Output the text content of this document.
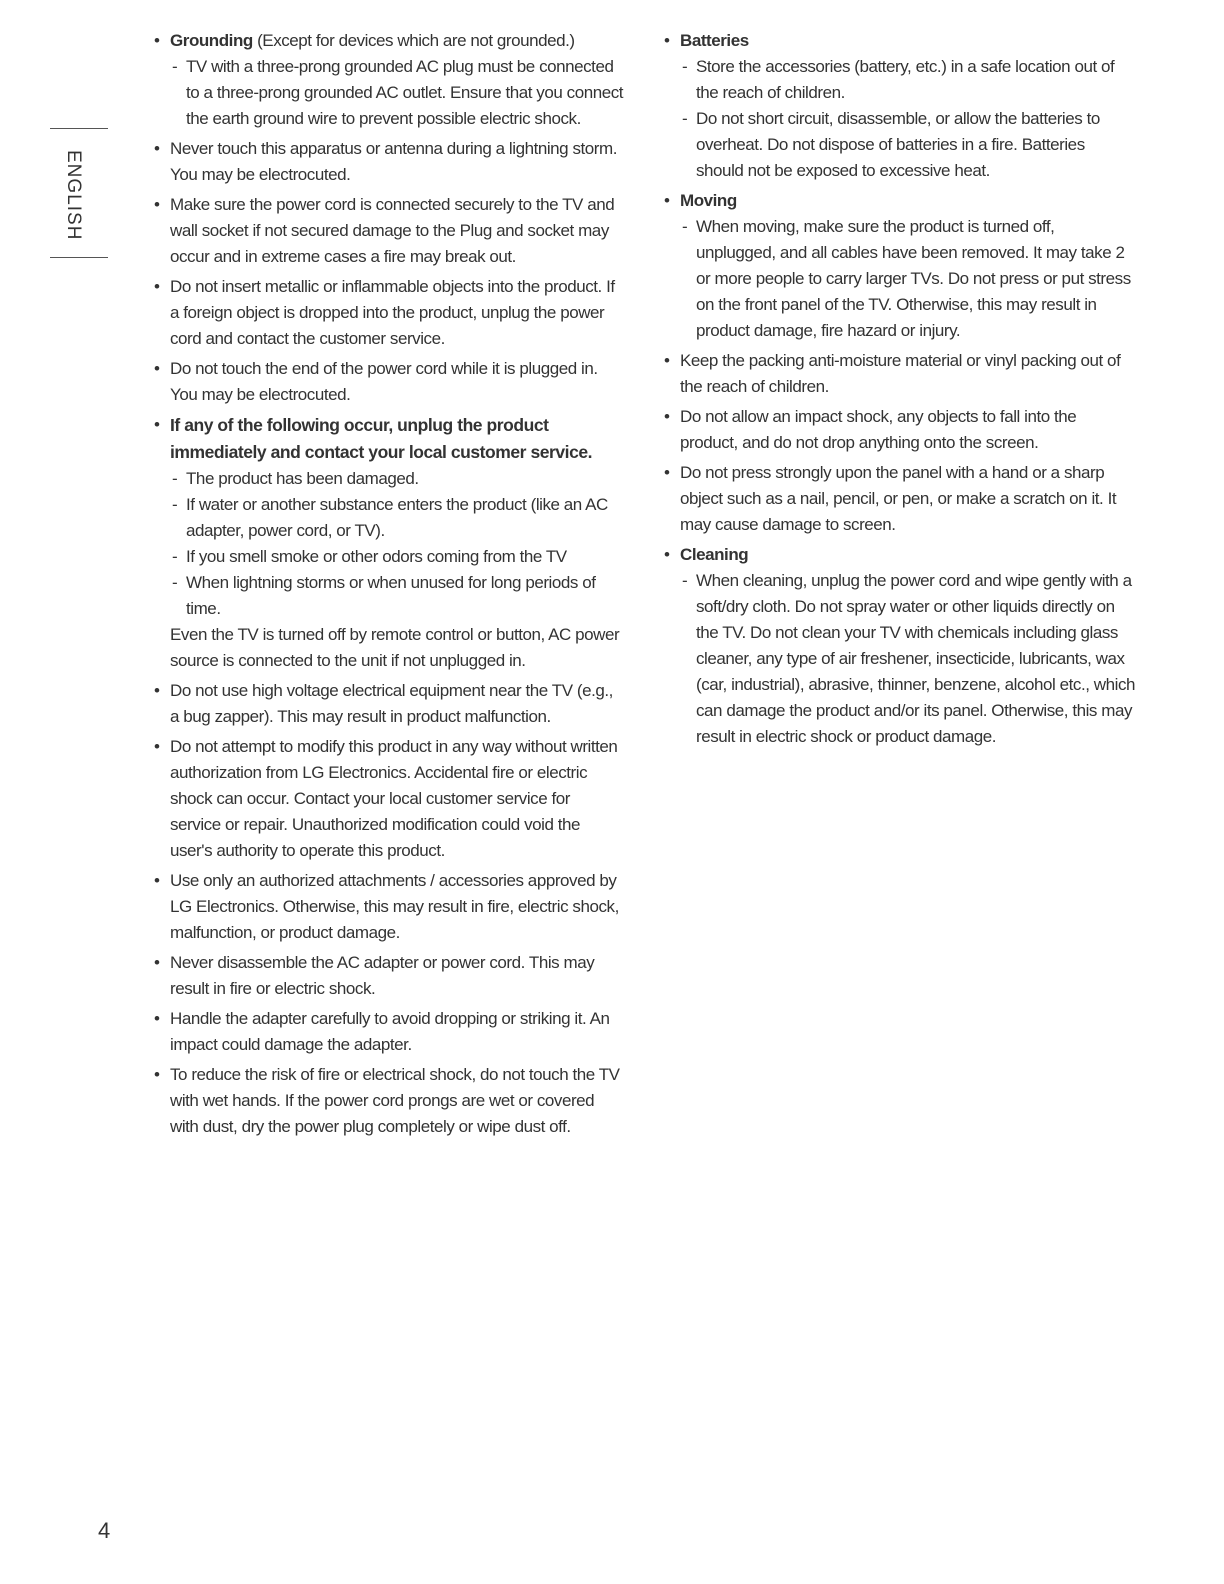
ENGLISH
• Grounding (Except for devices which are not grounded.)
- TV with a three-prong grounded AC plug must be connected to a three-prong grounded AC outlet. Ensure that you connect the earth ground wire to prevent possible electric shock.
• Never touch this apparatus or antenna during a lightning storm. You may be electrocuted.
• Make sure the power cord is connected securely to the TV and wall socket if not secured damage to the Plug and socket may occur and in extreme cases a fire may break out.
• Do not insert metallic or inflammable objects into the product. If a foreign object is dropped into the product, unplug the power cord and contact the customer service.
• Do not touch the end of the power cord while it is plugged in. You may be electrocuted.
• If any of the following occur, unplug the product immediately and contact your local customer service.
- The product has been damaged.
- If water or another substance enters the product (like an AC adapter, power cord, or TV).
- If you smell smoke or other odors coming from the TV
- When lightning storms or when unused for long periods of time.
Even the TV is turned off by remote control or button, AC power source is connected to the unit if not unplugged in.
• Do not use high voltage electrical equipment near the TV (e.g., a bug zapper). This may result in product malfunction.
• Do not attempt to modify this product in any way without written authorization from LG Electronics. Accidental fire or electric shock can occur. Contact your local customer service for service or repair. Unauthorized modification could void the user's authority to operate this product.
• Use only an authorized attachments / accessories approved by LG Electronics. Otherwise, this may result in fire, electric shock, malfunction, or product damage.
• Never disassemble the AC adapter or power cord. This may result in fire or electric shock.
• Handle the adapter carefully to avoid dropping or striking it. An impact could damage the adapter.
• To reduce the risk of fire or electrical shock, do not touch the TV with wet hands. If the power cord prongs are wet or covered with dust, dry the power plug completely or wipe dust off.
• Batteries
- Store the accessories (battery, etc.) in a safe location out of the reach of children.
- Do not short circuit, disassemble, or allow the batteries to overheat. Do not dispose of batteries in a fire. Batteries should not be exposed to excessive heat.
• Moving
- When moving, make sure the product is turned off, unplugged, and all cables have been removed. It may take 2 or more people to carry larger TVs. Do not press or put stress on the front panel of the TV. Otherwise, this may result in product damage, fire hazard or injury.
• Keep the packing anti-moisture material or vinyl packing out of the reach of children.
• Do not allow an impact shock, any objects to fall into the product, and do not drop anything onto the screen.
• Do not press strongly upon the panel with a hand or a sharp object such as a nail, pencil, or pen, or make a scratch on it. It may cause damage to screen.
• Cleaning
- When cleaning, unplug the power cord and wipe gently with a soft/dry cloth. Do not spray water or other liquids directly on the TV. Do not clean your TV with chemicals including glass cleaner, any type of air freshener, insecticide, lubricants, wax (car, industrial), abrasive, thinner, benzene, alcohol etc., which can damage the product and/or its panel. Otherwise, this may result in electric shock or product damage.
4
